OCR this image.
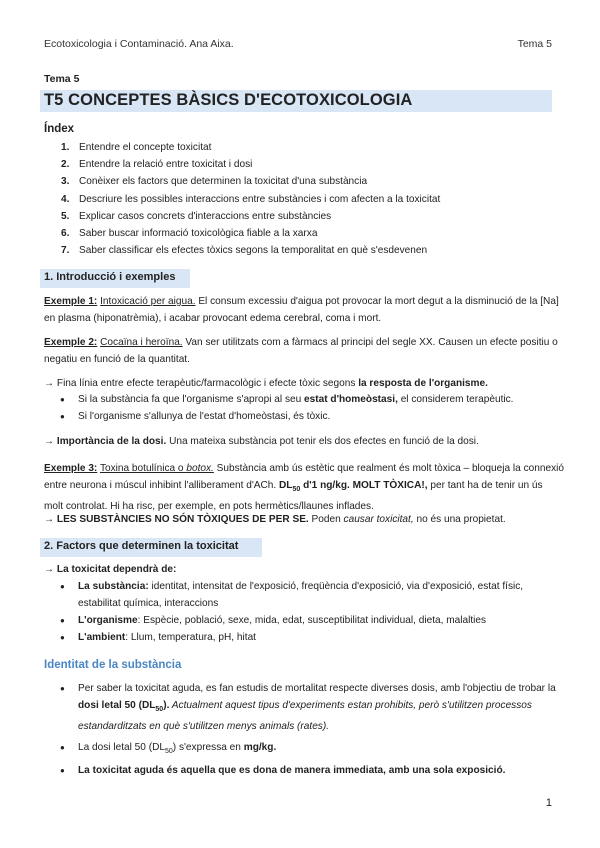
Ecotoxicologia i Contaminació. Ana Aixa.	Tema 5
Tema 5
T5 CONCEPTES BÀSICS D'ECOTOXICOLOGIA
Índex
1. Entendre el concepte toxicitat
2. Entendre la relació entre toxicitat i dosi
3. Conèixer els factors que determinen la toxicitat d'una substància
4. Descriure les possibles interaccions entre substàncies i com afecten a la toxicitat
5. Explicar casos concrets d'interaccions entre substàncies
6. Saber buscar informació toxicològica fiable a la xarxa
7. Saber classificar els efectes tòxics segons la temporalitat en què s'esdevenen
1. Introducció i exemples
Exemple 1: Intoxicació per aigua. El consum excessiu d'aigua pot provocar la mort degut a la disminució de la [Na] en plasma (hiponatrèmia), i acabar provocant edema cerebral, coma i mort.
Exemple 2: Cocaïna i heroïna. Van ser utilitzats com a fàrmacs al principi del segle XX. Causen un efecte positiu o negatiu en funció de la quantitat.
→ Fina línia entre efecte terapèutic/farmacològic i efecte tòxic segons la resposta de l'organisme.
● Si la substància fa que l'organisme s'apropi al seu estat d'homeòstasi, el considerem terapèutic.
● Si l'organisme s'allunya de l'estat d'homeòstasi, és tòxic.
→ Importància de la dosi. Una mateixa substància pot tenir els dos efectes en funció de la dosi.
Exemple 3: Toxina botulínica o botox. Substància amb ús estètic que realment és molt tòxica – bloqueja la connexió entre neurona i múscul inhibint l'alliberament d'ACh. $DL_{50}$ d'1 ng/kg. MOLT TÒXICA!, per tant ha de tenir un ús molt controlat. Hi ha risc, per exemple, en pots hermètics/llaunes inflades.
→ LES SUBSTÀNCIES NO SÓN TÒXIQUES DE PER SE. Poden causar toxicitat, no és una propietat.
2. Factors que determinen la toxicitat
→ La toxicitat dependrà de:
● La substància: identitat, intensitat de l'exposició, freqüència d'exposició, via d'exposició, estat físic, estabilitat química, interaccions
● L'organisme: Espècie, població, sexe, mida, edat, susceptibilitat individual, dieta, malalties
● L'ambient: Llum, temperatura, pH, hitat
Identitat de la substància
● Per saber la toxicitat aguda, es fan estudis de mortalitat respecte diverses dosis, amb l'objectiu de trobar la dosi letal 50 $(DL_{50})$. Actualment aquest tipus d'experiments estan prohibits, però s'utilitzen processos estandarditzats en què s'utilitzen menys animals (rates).
● La dosi letal 50 $(DL_{50})$ s'expressa en mg/kg.
● La toxicitat aguda és aquella que es dona de manera immediata, amb una sola exposició.
1
